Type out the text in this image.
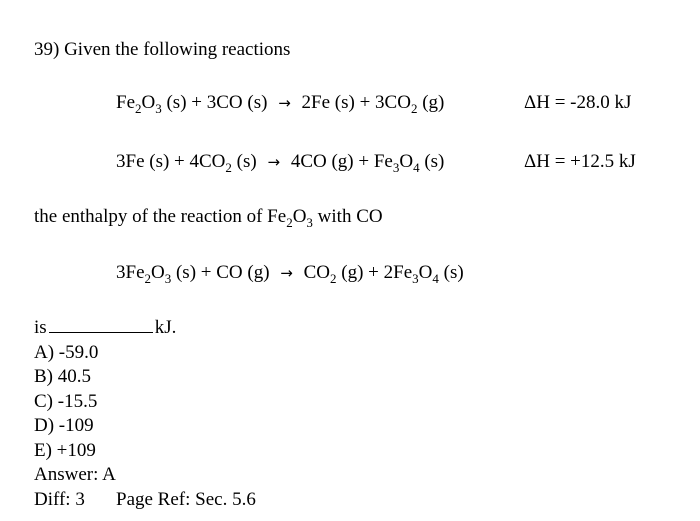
39) Given the following reactions
$Fe_2O_3$ (s) + 3CO (s) → 2Fe $(s) + 3CO_2$ (g)	ΔH = -28.0 kJ
3Fe $(s) + 4CO_2$ (s) → 4CO $(g) + Fe_3O_4$ (s)	ΔH = +12.5 kJ
the enthalpy of the reaction of $Fe_2O_3$ with CO
$3Fe_2O_3$ (s) + CO $(g) \to CO_2$ $(g) + 2Fe_3O_4$ (s)
is	kJ.
A) -59.0
B) 40.5
C) -15.5
D) -109
E) +109
Answer: A
Diff: 3 Page Ref: Sec. 5.6
